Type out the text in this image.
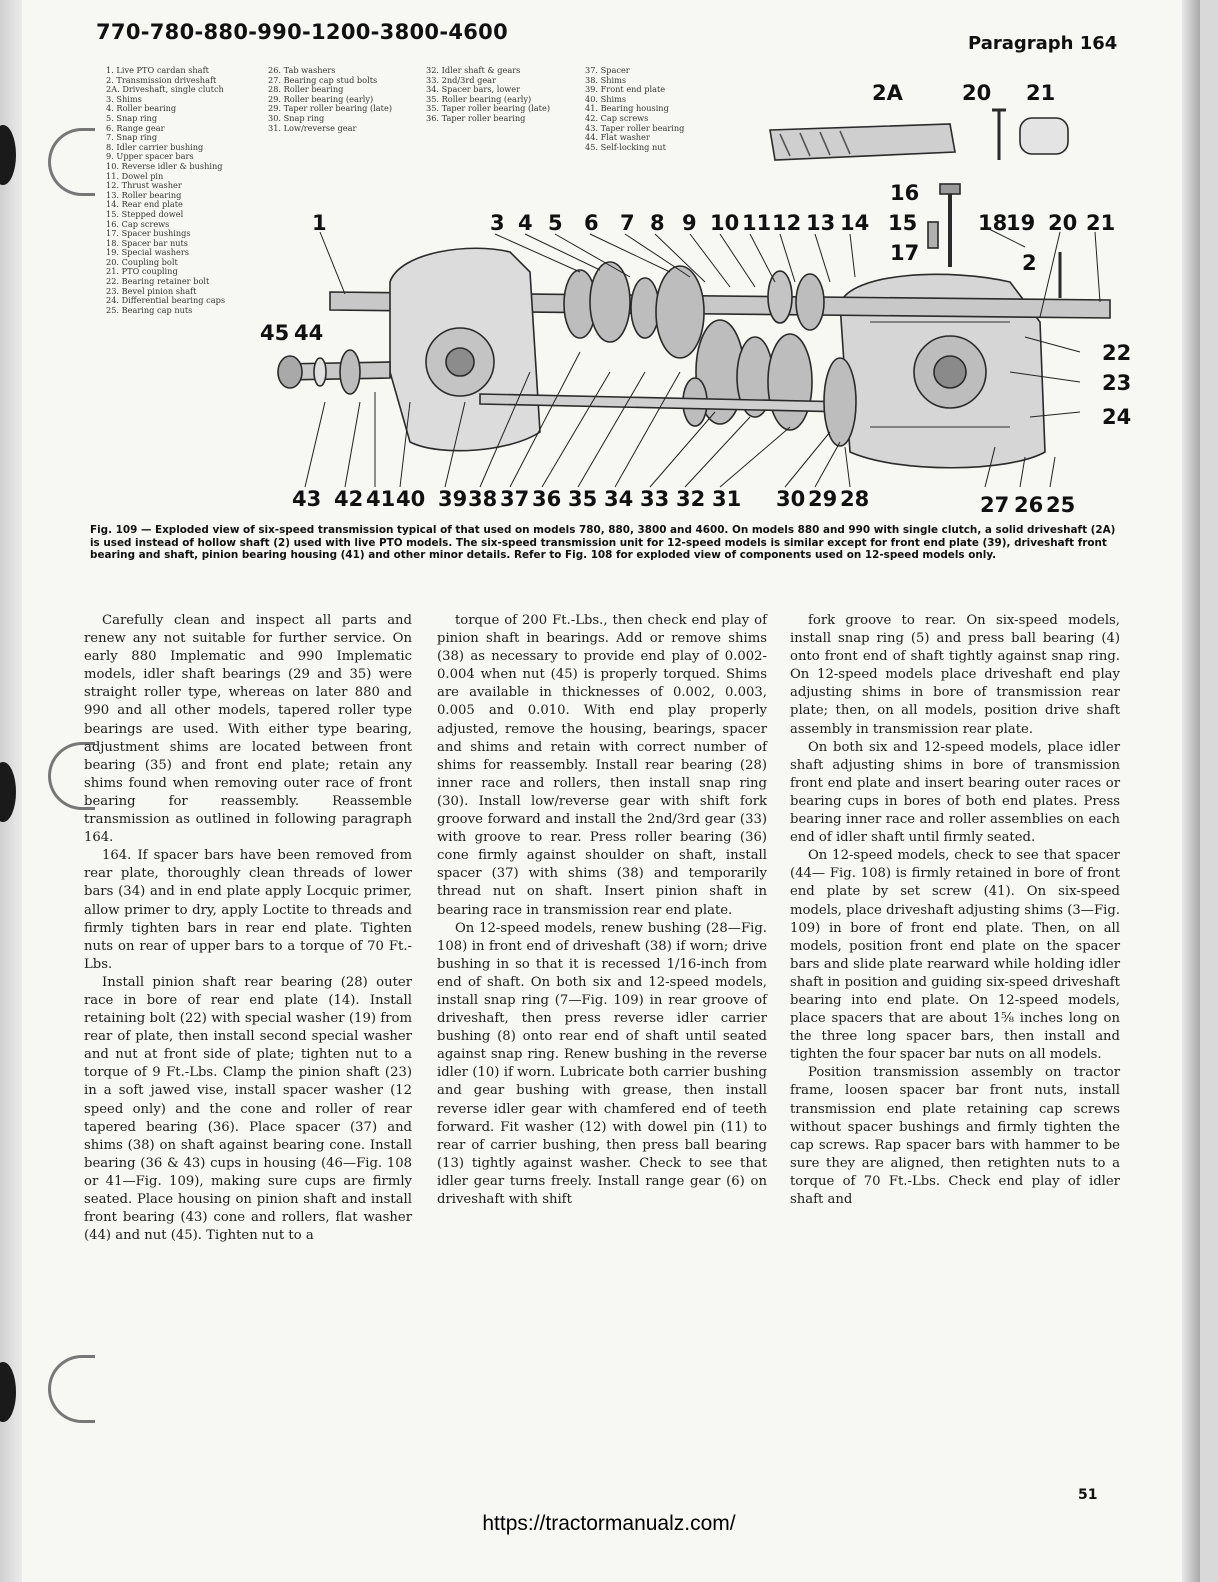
770-780-880-990-1200-3800-4600	Paragraph 164
1. Live PTO cardan shaft
2. Transmission driveshaft
2A. Driveshaft, single clutch
3. Shims
4. Roller bearing
5. Snap ring
6. Range gear
7. Snap ring
8. Idler carrier bushing
9. Upper spacer bars
10. Reverse idler & bushing
11. Dowel pin
12. Thrust washer
13. Roller bearing
14. Rear end plate
15. Stepped dowel
16. Cap screws
17. Spacer bushings
18. Spacer bar nuts
19. Special washers
20. Coupling bolt
21. PTO coupling
22. Bearing retainer bolt
23. Bevel pinion shaft
24. Differential bearing caps
25. Bearing cap nuts
26. Tab washers
27. Bearing cap stud bolts
28. Roller bearing
29. Roller bearing (early)
29. Taper roller bearing (late)
30. Snap ring
31. Low/reverse gear
32. Idler shaft & gears
33. 2nd/3rd gear
34. Spacer bars, lower
35. Roller bearing (early)
35. Taper roller bearing (late)
36. Taper roller bearing
37. Spacer
38. Shims
39. Front end plate
40. Shims
41. Bearing housing
42. Cap screws
43. Taper roller bearing
44. Flat washer
45. Self-locking nut
2A	20 21
1	3 4 5 6 7 8 9 10 11 12 13 14 15
16
17
18
19 20 21
2
45 44
22
23
24
43 42 41 40 39 38 37 36 35 34 33 32 31 30 29 28	27 26 25

Fig. 109 — Exploded view of six-speed transmission typical of that used on models 780, 880, 3800 and 4600. On models 880 and 990 with single clutch, a solid driveshaft (2A) is used instead of hollow shaft (2) used with live PTO models. The six-speed transmission unit for 12-speed models is similar except for front end plate (39), driveshaft front bearing and shaft, pinion bearing housing (41) and other minor details. Refer to Fig. 108 for exploded view of components used on 12-speed models only.

Carefully clean and inspect all parts and renew any not suitable for further service. On early 880 Implematic and 990 Implematic models, idler shaft bearings (29 and 35) were straight roller type, whereas on later 880 and 990 and all other models, tapered roller type bearings are used. With either type bearing, adjustment shims are located between front bearing (35) and front end plate; retain any shims found when removing outer race of front bearing for reassembly. Reassemble transmission as outlined in following paragraph 164.

164. If spacer bars have been removed from rear plate, thoroughly clean threads of lower bars (34) and in end plate apply Locquic primer, allow primer to dry, apply Loctite to threads and firmly tighten bars in rear end plate. Tighten nuts on rear of upper bars to a torque of 70 Ft.-Lbs.

Install pinion shaft rear bearing (28) outer race in bore of rear end plate (14). Install retaining bolt (22) with special washer (19) from rear of plate, then install second special washer and nut at front side of plate; tighten nut to a torque of 9 Ft.-Lbs. Clamp the pinion shaft (23) in a soft jawed vise, install spacer washer (12 speed only) and the cone and roller of rear tapered bearing (36). Place spacer (37) and shims (38) on shaft against bearing cone. Install bearing (36 & 43) cups in housing (46—Fig. 108 or 41—Fig. 109), making sure cups are firmly seated. Place housing on pinion shaft and install front bearing (43) cone and rollers, flat washer (44) and nut (45). Tighten nut to a

torque of 200 Ft.-Lbs., then check end play of pinion shaft in bearings. Add or remove shims (38) as necessary to provide end play of 0.002-0.004 when nut (45) is properly torqued. Shims are available in thicknesses of 0.002, 0.003, 0.005 and 0.010. With end play properly adjusted, remove the housing, bearings, spacer and shims and retain with correct number of shims for reassembly. Install rear bearing (28) inner race and rollers, then install snap ring (30). Install low/reverse gear with shift fork groove forward and install the 2nd/3rd gear (33) with groove to rear. Press roller bearing (36) cone firmly against shoulder on shaft, install spacer (37) with shims (38) and temporarily thread nut on shaft. Insert pinion shaft in bearing race in transmission rear end plate.

On 12-speed models, renew bushing (28—Fig. 108) in front end of driveshaft (38) if worn; drive bushing in so that it is recessed 1/16-inch from end of shaft. On both six and 12-speed models, install snap ring (7—Fig. 109) in rear groove of driveshaft, then press reverse idler carrier bushing (8) onto rear end of shaft until seated against snap ring. Renew bushing in the reverse idler (10) if worn. Lubricate both carrier bushing and gear bushing with grease, then install reverse idler gear with chamfered end of teeth forward. Fit washer (12) with dowel pin (11) to rear of carrier bushing, then press ball bearing (13) tightly against washer. Check to see that idler gear turns freely. Install range gear (6) on driveshaft with shift

fork groove to rear. On six-speed models, install snap ring (5) and press ball bearing (4) onto front end of shaft tightly against snap ring. On 12-speed models place driveshaft end play adjusting shims in bore of transmission rear plate; then, on all models, position drive shaft assembly in transmission rear plate.

On both six and 12-speed models, place idler shaft adjusting shims in bore of transmission front end plate and insert bearing outer races or bearing cups in bores of both end plates. Press bearing inner race and roller assemblies on each end of idler shaft until firmly seated.

On 12-speed models, check to see that spacer (44— Fig. 108) is firmly retained in bore of front end plate by set screw (41). On six-speed models, place driveshaft adjusting shims (3—Fig. 109) in bore of front end plate. Then, on all models, position front end plate on the spacer bars and slide plate rearward while holding idler shaft in position and guiding six-speed driveshaft bearing into end plate. On 12-speed models, place spacers that are about 1⅝ inches long on the three long spacer bars, then install and tighten the four spacer bar nuts on all models.

Position transmission assembly on tractor frame, loosen spacer bar front nuts, install transmission end plate retaining cap screws without spacer bushings and firmly tighten the cap screws. Rap spacer bars with hammer to be sure they are aligned, then retighten nuts to a torque of 70 Ft.-Lbs. Check end play of idler shaft and

51
https://tractormanualz.com/
